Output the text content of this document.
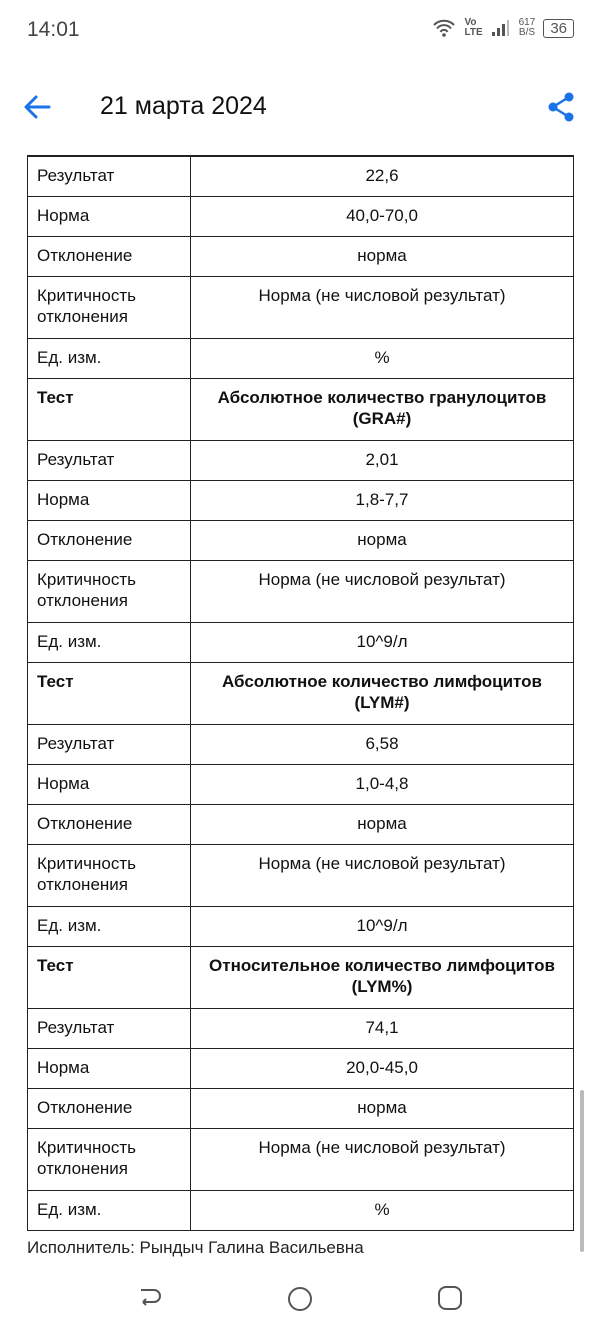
14:01	Vo
LTE
617
B/S	36
21 марта 2024
Результат	22,6
Норма	40,0-70,0
Отклонение	норма
Критичность отклонения	Норма (не числовой результат)
Ед. изм.	%
Тест	Абсолютное количество гранулоцитов (GRA#)
Результат	2,01
Норма	1,8-7,7
Отклонение	норма
Критичность отклонения	Норма (не числовой результат)
Ед. изм.	10^9/л
Тест	Абсолютное количество лимфоцитов (LYM#)
Результат	6,58
Норма	1,0-4,8
Отклонение	норма
Критичность отклонения	Норма (не числовой результат)
Ед. изм.	10^9/л
Тест	Относительное количество лимфоцитов (LYM%)
Результат	74,1
Норма	20,0-45,0
Отклонение	норма
Критичность отклонения	Норма (не числовой результат)
Ед. изм.	%
Исполнитель: Рындыч Галина Васильевна
